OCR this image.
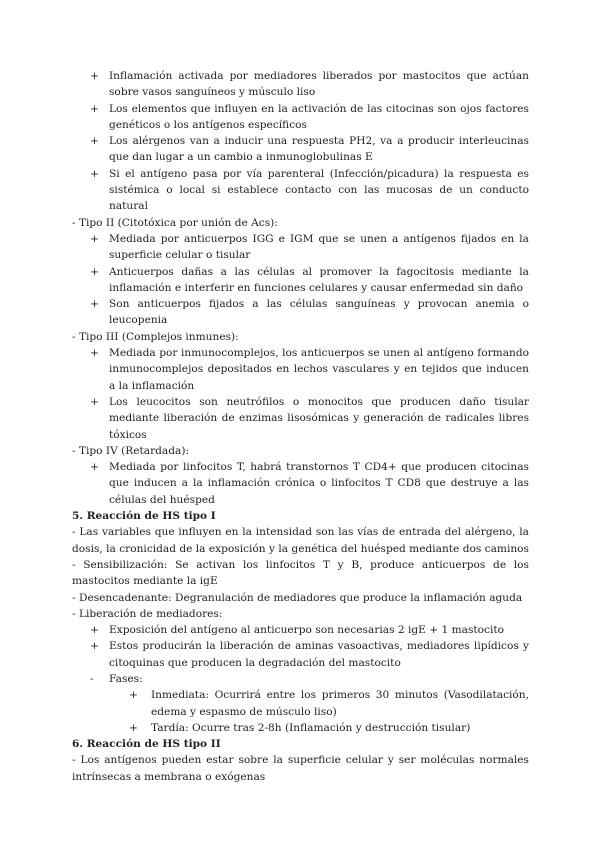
+ Inflamación activada por mediadores liberados por mastocitos que actúan sobre vasos sanguíneos y músculo liso

+ Los elementos que influyen en la activación de las citocinas son ojos factores genéticos o los antígenos específicos

+ Los alérgenos van a inducir una respuesta PH2, va a producir interleucinas que dan lugar a un cambio a inmunoglobulinas E

+ Si el antígeno pasa por vía parenteral (Infección/picadura) la respuesta es sistémica o local si establece contacto con las mucosas de un conducto natural

- Tipo II (Citotóxica por unión de Acs):

+ Mediada por anticuerpos IGG e IGM que se unen a antígenos fijados en la superficie celular o tisular

+ Anticuerpos dañas a las células al promover la fagocitosis mediante la inflamación e interferir en funciones celulares y causar enfermedad sin daño

+ Son anticuerpos fijados a las células sanguíneas y provocan anemia o leucopenia

- Tipo III (Complejos inmunes):

+ Mediada por inmunocomplejos, los anticuerpos se unen al antígeno formando inmunocomplejos depositados en lechos vasculares y en tejidos que inducen a la inflamación

+ Los leucocitos son neutrófilos o monocitos que producen daño tisular mediante liberación de enzimas lisosómicas y generación de radicales libres tóxicos

- Tipo IV (Retardada):

+ Mediada por linfocitos T, habrá transtornos T CD4+ que producen citocinas que inducen a la inflamación crónica o linfocitos T CD8 que destruye a las células del huésped

5. Reacción de HS tipo I

- Las variables que influyen en la intensidad son las vías de entrada del alérgeno, la dosis, la cronicidad de la exposición y la genética del huésped mediante dos caminos

- Sensibilización: Se activan los linfocitos T y B, produce anticuerpos de los mastocitos mediante la igE

- Desencadenante: Degranulación de mediadores que produce la inflamación aguda

- Liberación de mediadores:

+ Exposición del antígeno al anticuerpo son necesarias 2 igE + 1 mastocito

+ Estos producirán la liberación de aminas vasoactivas, mediadores lipídicos y citoquinas que producen la degradación del mastocito

- Fases:

+ Inmediata: Ocurrirá entre los primeros 30 minutos (Vasodilatación, edema y espasmo de músculo liso)

+ Tardía: Ocurre tras 2-8h (Inflamación y destrucción tisular)

6. Reacción de HS tipo II

- Los antígenos pueden estar sobre la superficie celular y ser moléculas normales intrínsecas a membrana o exógenas
